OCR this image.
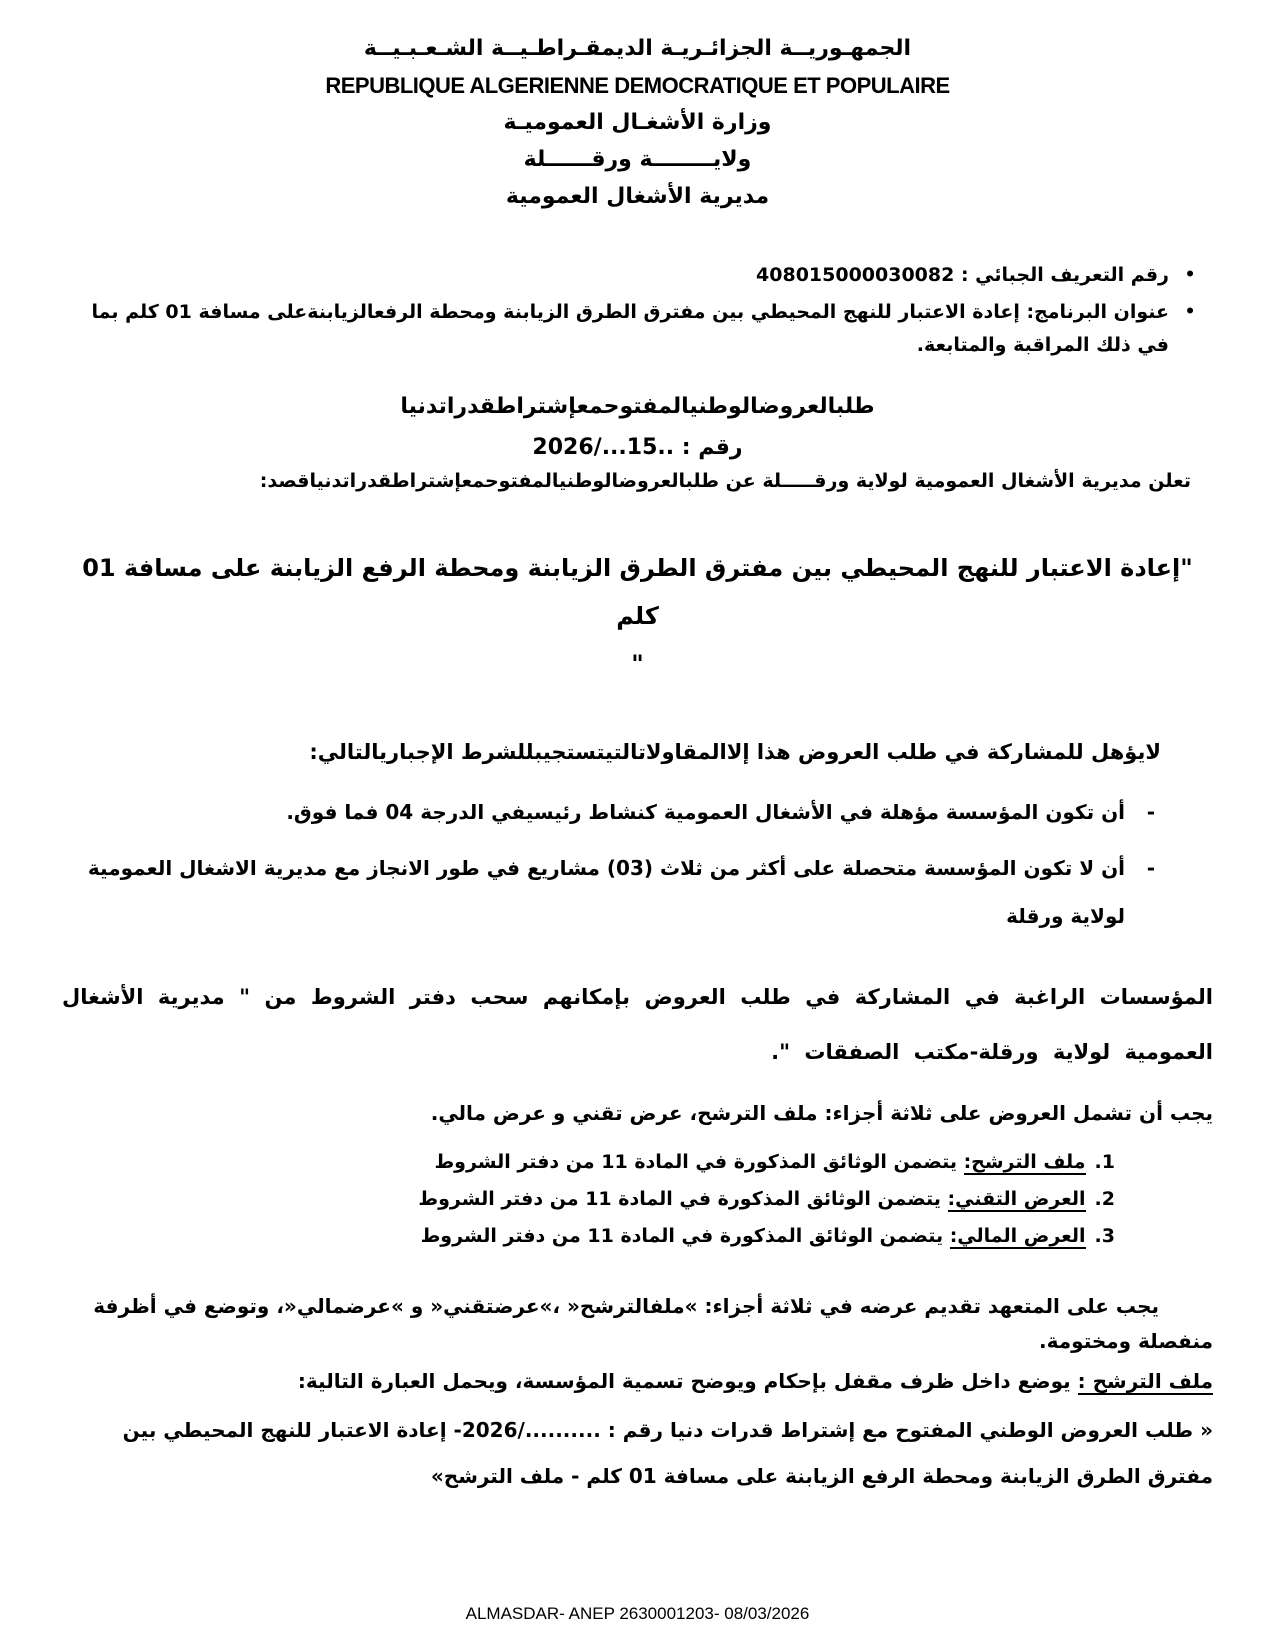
الجمهـوريــة الجزائـريـة الديمقـراطـيــة الشـعـبـيــة
REPUBLIQUE ALGERIENNE DEMOCRATIQUE ET POPULAIRE
وزارة الأشغـال العموميـة
ولايــــــــة ورقــــــلة
مديرية الأشغال العمومية
•
رقم التعريف الجبائي : 408015000030082
•
عنوان البرنامج: إعادة الاعتبار للنهج المحيطي بين مفترق الطرق الزيابنة ومحطة الرفعالزيابنةعلى مسافة 01 كلم بما في ذلك المراقبة والمتابعة.
طلبالعروضالوطنيالمفتوحمعإشتراطقدراتدنيا
رقم : ..15.../2026
تعلن مديرية الأشغال العمومية لولاية ورقـــــلة عن طلبالعروضالوطنيالمفتوحمعإشتراطقدراتدنياقصد:
"إعادة الاعتبار للنهج المحيطي بين مفترق الطرق الزيابنة ومحطة الرفع الزيابنة على مسافة 01 كلم
"
لايؤهل للمشاركة في طلب العروض هذا إلاالمقاولاتالتيتستجيبللشرط الإجباريالتالي:
-
أن تكون المؤسسة مؤهلة في الأشغال العمومية كنشاط رئيسيفي الدرجة 04 فما فوق.
-
أن لا تكون المؤسسة متحصلة على أكثر من ثلاث (03) مشاريع في طور الانجاز مع مديرية الاشغال العمومية لولاية ورقلة
المؤسسات الراغبة في المشاركة في طلب العروض بإمكانهم سحب دفتر الشروط من " مديرية الأشغال العمومية لولاية ورقلة-مكتب الصفقات ".
يجب أن تشمل العروض على ثلاثة أجزاء: ملف الترشح، عرض تقني و عرض مالي.
1.
ملف الترشح: يتضمن الوثائق المذكورة في المادة 11 من دفتر الشروط
2.
العرض التقني: يتضمن الوثائق المذكورة في المادة 11 من دفتر الشروط
3.
العرض المالي: يتضمن الوثائق المذكورة في المادة 11 من دفتر الشروط
يجب على المتعهد تقديم عرضه في ثلاثة أجزاء: »ملفالترشح« ،»عرضتقني« و »عرضمالي«، وتوضع في أظرفة منفصلة ومختومة.
ملف الترشح : يوضع داخل ظرف مقفل بإحكام ويوضح تسمية المؤسسة، ويحمل العبارة التالية:
« طلب العروض الوطني المفتوح مع إشتراط قدرات دنيا رقم : ........../2026- إعادة الاعتبار للنهج المحيطي بين مفترق الطرق الزيابنة ومحطة الرفع الزيابنة على مسافة 01 كلم - ملف الترشح»
ALMASDAR- ANEP 2630001203- 08/03/2026
